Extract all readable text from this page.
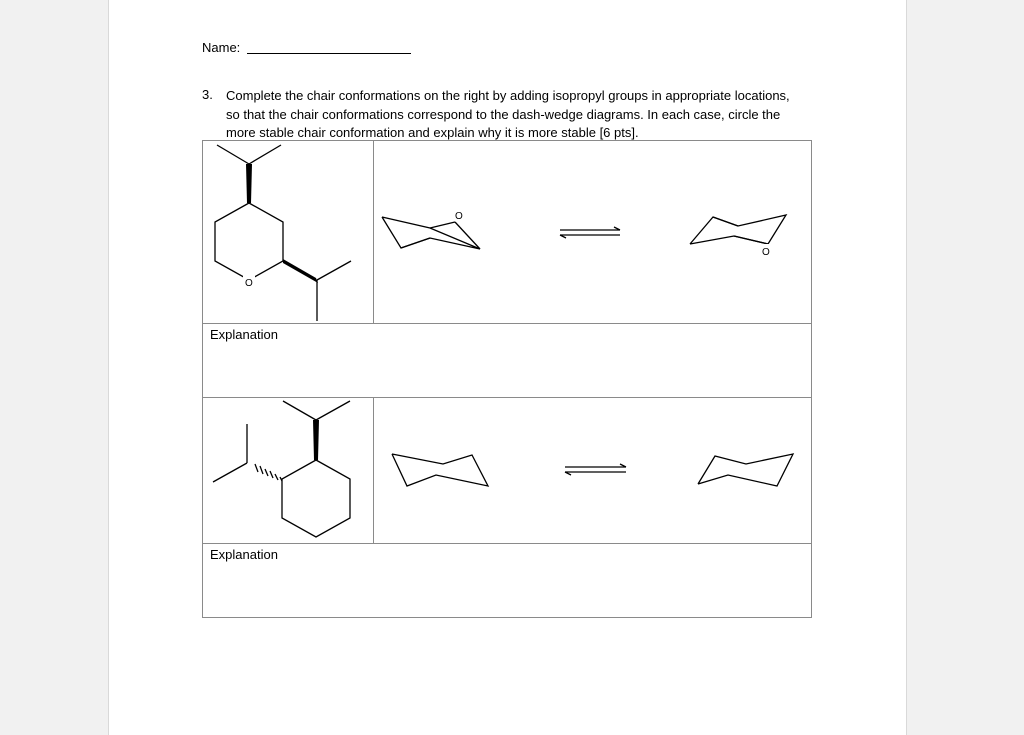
Name:
3. Complete the chair conformations on the right by adding isopropyl groups in appropriate locations, so that the chair conformations correspond to the dash-wedge diagrams. In each case, circle the more stable chair conformation and explain why it is more stable [6 pts].
O
O
O
Explanation
Explanation
